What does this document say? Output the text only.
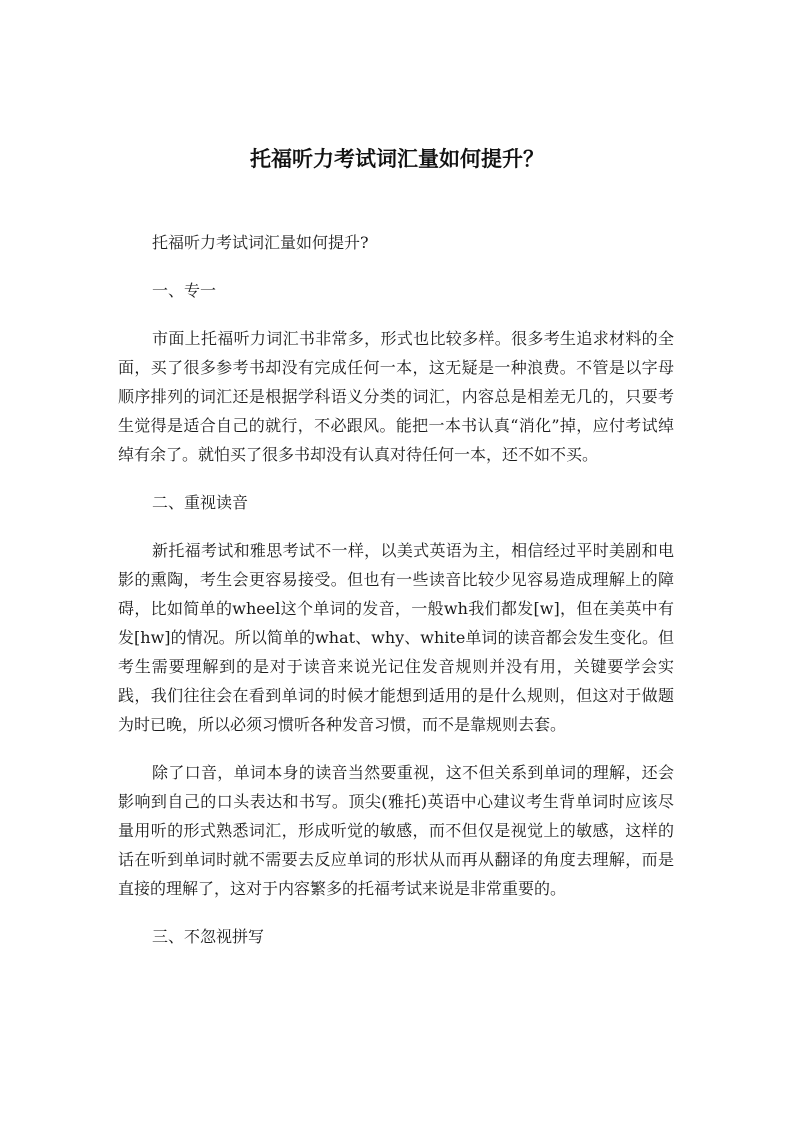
托福听力考试词汇量如何提升？

托福听力考试词汇量如何提升?

一、专一

市面上托福听力词汇书非常多，形式也比较多样。很多考生追求材料的全面，买了很多参考书却没有完成任何一本，这无疑是一种浪费。不管是以字母顺序排列的词汇还是根据学科语义分类的词汇，内容总是相差无几的，只要考生觉得是适合自己的就行，不必跟风。能把一本书认真“消化”掉，应付考试绰绰有余了。就怕买了很多书却没有认真对待任何一本，还不如不买。

二、重视读音

新托福考试和雅思考试不一样，以美式英语为主，相信经过平时美剧和电影的熏陶，考生会更容易接受。但也有一些读音比较少见容易造成理解上的障碍，比如简单的wheel这个单词的发音，一般wh我们都发[w]，但在美英中有发[hw]的情况。所以简单的what、why、white单词的读音都会发生变化。但考生需要理解到的是对于读音来说光记住发音规则并没有用，关键要学会实践，我们往往会在看到单词的时候才能想到适用的是什么规则，但这对于做题为时已晚，所以必须习惯听各种发音习惯，而不是靠规则去套。

除了口音，单词本身的读音当然要重视，这不但关系到单词的理解，还会影响到自己的口头表达和书写。顶尖(雅托)英语中心建议考生背单词时应该尽量用听的形式熟悉词汇，形成听觉的敏感，而不但仅是视觉上的敏感，这样的话在听到单词时就不需要去反应单词的形状从而再从翻译的角度去理解，而是直接的理解了，这对于内容繁多的托福考试来说是非常重要的。

三、不忽视拼写
